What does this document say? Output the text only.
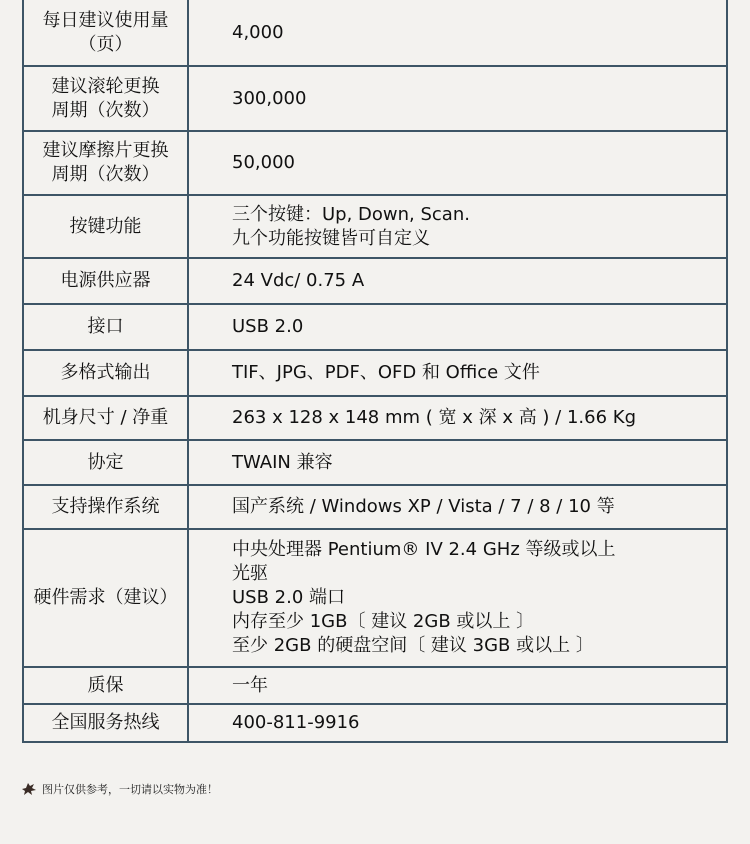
每日建议使用量
（页）	4,000

建议滚轮更换
周期（次数）	300,000

建议摩擦片更换
周期（次数）	50,000

按键功能	三个按键：Up, Down, Scan.
九个功能按键皆可自定义

电源供应器	24 Vdc/ 0.75 A

接口	USB 2.0

多格式输出	TIF、JPG、PDF、OFD 和 Office 文件

机身尺寸 / 净重	263 x 128 x 148 mm ( 宽 x 深 x 高 ) / 1.66 Kg

协定	TWAIN 兼容

支持操作系统	国产系统 / Windows XP / Vista / 7 / 8 / 10 等

硬件需求（建议）	中央处理器 Pentium® IV 2.4 GHz 等级或以上
光驱
USB 2.0 端口
内存至少 1GB〔 建议 2GB 或以上 〕
至少 2GB 的硬盘空间〔 建议 3GB 或以上 〕

质保	一年

全国服务热线	400-811-9916
图片仅供参考，一切请以实物为准！
